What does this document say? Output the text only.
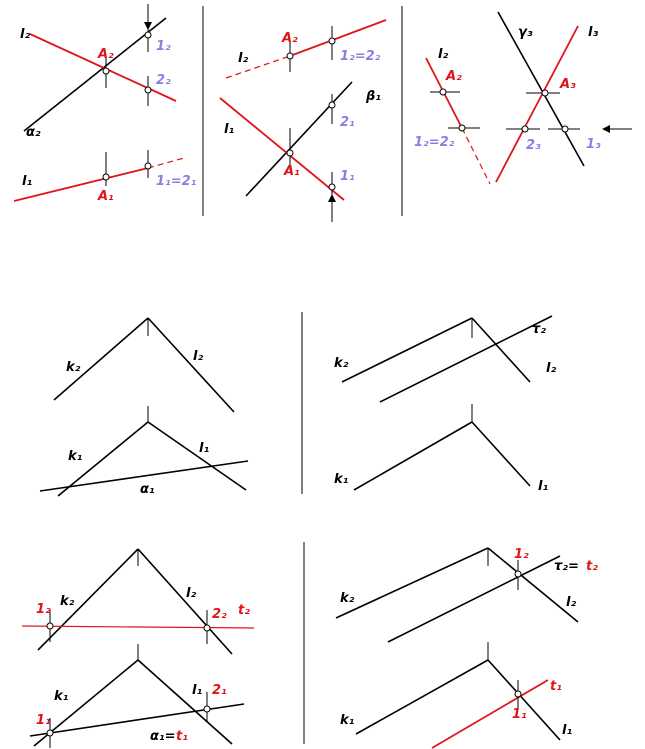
l₂
A₂
1₂
2₂
α₂
l₁
A₁
1₁=2₁
A₂
l₂	1₂=2₂
β₁
l₁	2₁
A₁	1₁
l₂
A₂
1₂=2₂
γ₃	l₃
A₃
2₃	1₃
k₂
l₂
k₁
l₁
α₁
τ₂
k₂	l₂
k₁	l₁
1₂
k₂
l₂
2₂ t₂
k₁	l₁ 2₁
1₁
α₁= t₁
1₂
τ₂= t₂
k₂	l₂
t₁
1₁
k₁
l₁
